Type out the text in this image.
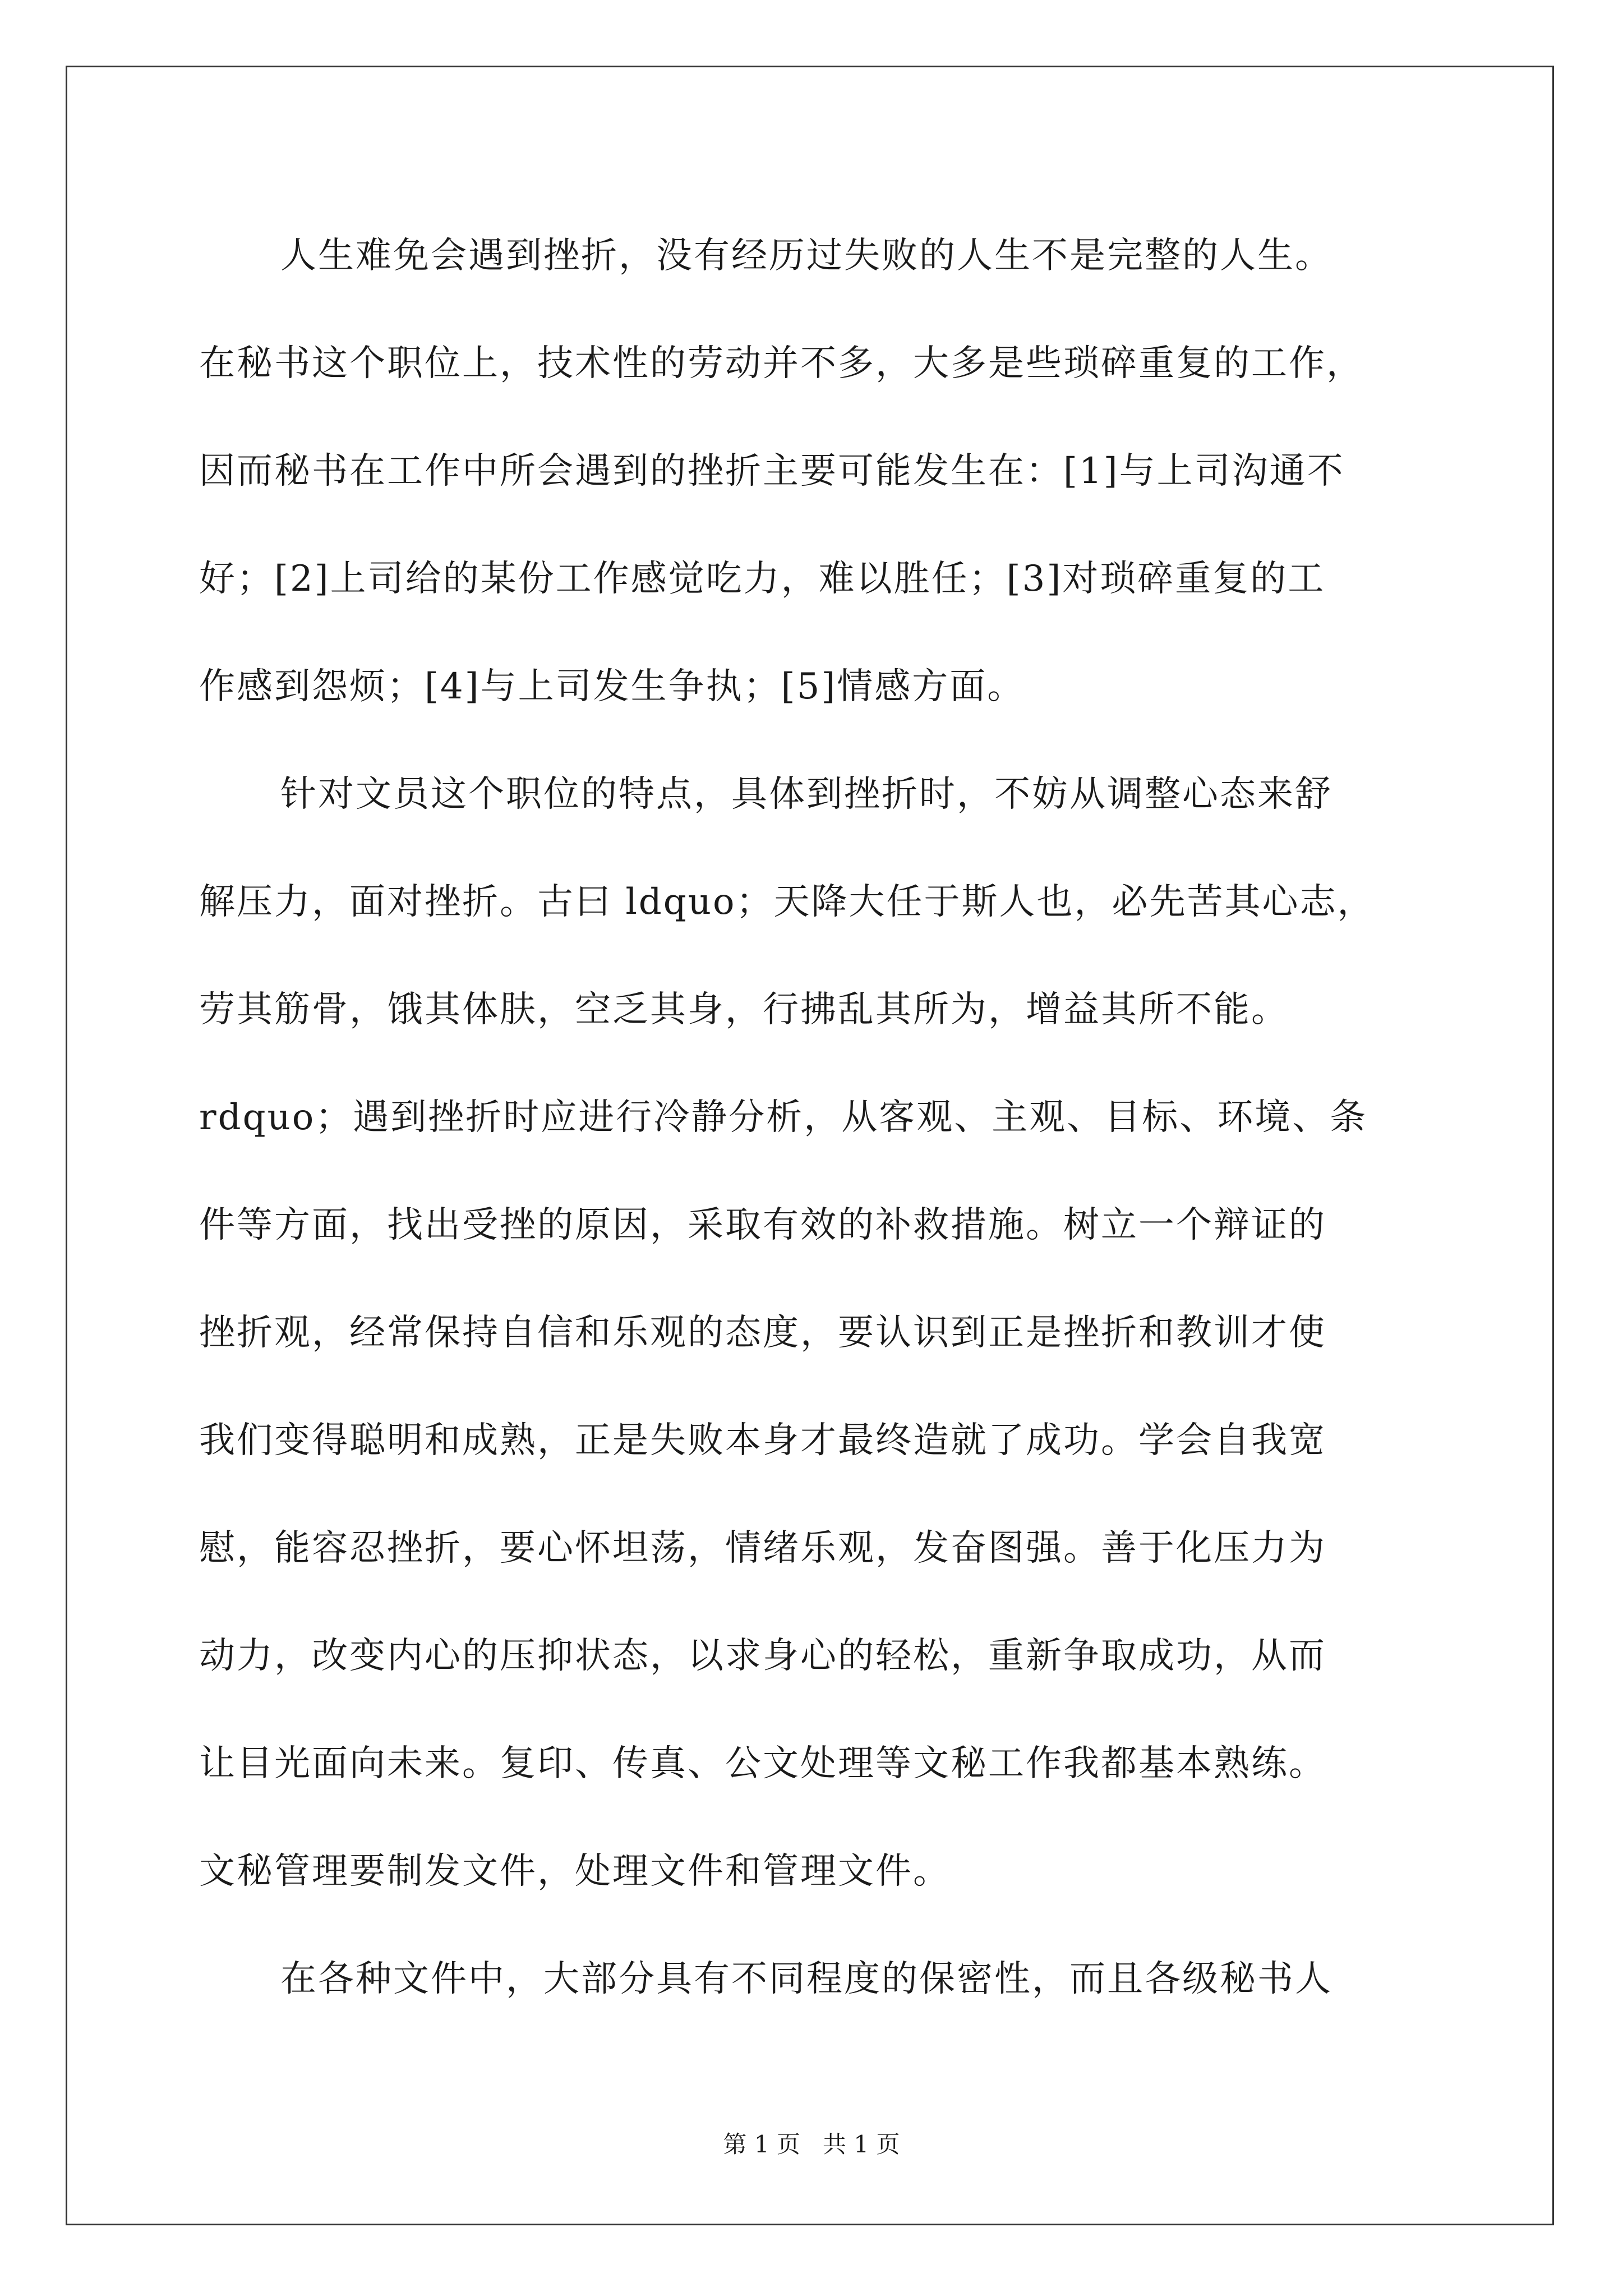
人生难免会遇到挫折，没有经历过失败的人生不是完整的人生。
在秘书这个职位上，技术性的劳动并不多，大多是些琐碎重复的工作，
因而秘书在工作中所会遇到的挫折主要可能发生在：[1]与上司沟通不
好；[2]上司给的某份工作感觉吃力，难以胜任；[3]对琐碎重复的工
作感到怨烦；[4]与上司发生争执；[5]情感方面。
针对文员这个职位的特点，具体到挫折时，不妨从调整心态来舒
解压力，面对挫折。古曰 ldquo；天降大任于斯人也，必先苦其心志，
劳其筋骨，饿其体肤，空乏其身，行拂乱其所为，增益其所不能。
rdquo；遇到挫折时应进行冷静分析，从客观、主观、目标、环境、条
件等方面，找出受挫的原因，采取有效的补救措施。树立一个辩证的
挫折观，经常保持自信和乐观的态度，要认识到正是挫折和教训才使
我们变得聪明和成熟，正是失败本身才最终造就了成功。学会自我宽
慰，能容忍挫折，要心怀坦荡，情绪乐观，发奋图强。善于化压力为
动力，改变内心的压抑状态，以求身心的轻松，重新争取成功，从而
让目光面向未来。复印、传真、公文处理等文秘工作我都基本熟练。
文秘管理要制发文件，处理文件和管理文件。
在各种文件中，大部分具有不同程度的保密性，而且各级秘书人
第 1 页   共 1 页
